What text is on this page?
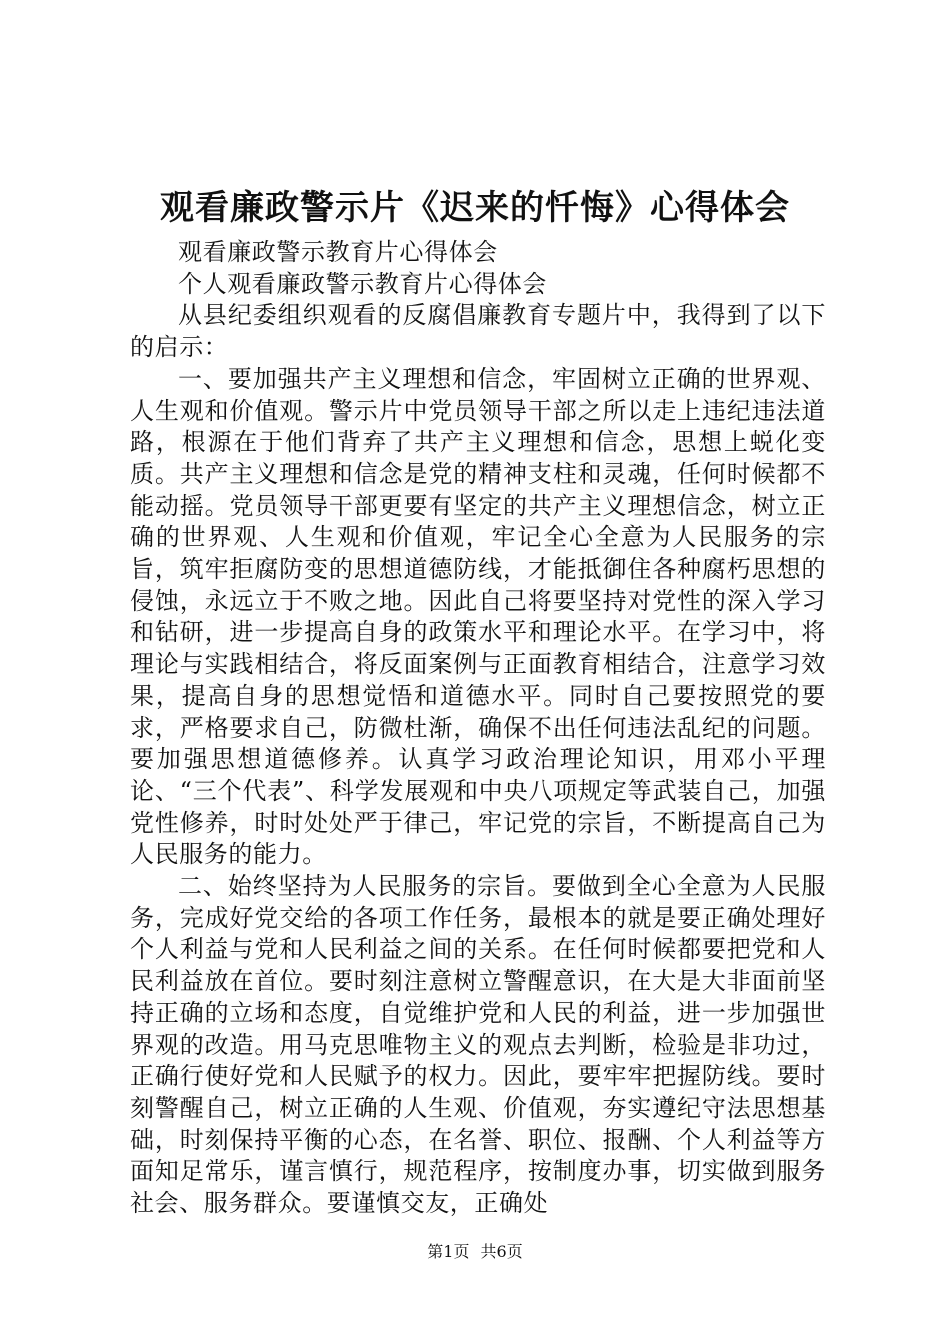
观看廉政警示片《迟来的忏悔》心得体会

观看廉政警示教育片心得体会

个人观看廉政警示教育片心得体会

从县纪委组织观看的反腐倡廉教育专题片中，我得到了以下的启示：

一、要加强共产主义理想和信念，牢固树立正确的世界观、人生观和价值观。警示片中党员领导干部之所以走上违纪违法道路，根源在于他们背弃了共产主义理想和信念，思想上蜕化变质。共产主义理想和信念是党的精神支柱和灵魂，任何时候都不能动摇。党员领导干部更要有坚定的共产主义理想信念，树立正确的世界观、人生观和价值观，牢记全心全意为人民服务的宗旨，筑牢拒腐防变的思想道德防线，才能抵御住各种腐朽思想的侵蚀，永远立于不败之地。因此自己将要坚持对党性的深入学习和钻研，进一步提高自身的政策水平和理论水平。在学习中，将理论与实践相结合，将反面案例与正面教育相结合，注意学习效果，提高自身的思想觉悟和道德水平。同时自己要按照党的要求，严格要求自己，防微杜渐，确保不出任何违法乱纪的问题。要加强思想道德修养。认真学习政治理论知识，用邓小平理论、“三个代表”、科学发展观和中央八项规定等武装自己，加强党性修养，时时处处严于律己，牢记党的宗旨，不断提高自己为人民服务的能力。

二、始终坚持为人民服务的宗旨。要做到全心全意为人民服务，完成好党交给的各项工作任务，最根本的就是要正确处理好个人利益与党和人民利益之间的关系。在任何时候都要把党和人民利益放在首位。要时刻注意树立警醒意识，在大是大非面前坚持正确的立场和态度，自觉维护党和人民的利益，进一步加强世界观的改造。用马克思唯物主义的观点去判断，检验是非功过，正确行使好党和人民赋予的权力。因此，要牢牢把握防线。要时刻警醒自己，树立正确的人生观、价值观，夯实遵纪守法思想基础，时刻保持平衡的心态，在名誉、职位、报酬、个人利益等方面知足常乐，谨言慎行，规范程序，按制度办事，切实做到服务社会、服务群众。要谨慎交友，正确处

第1页 共6页
